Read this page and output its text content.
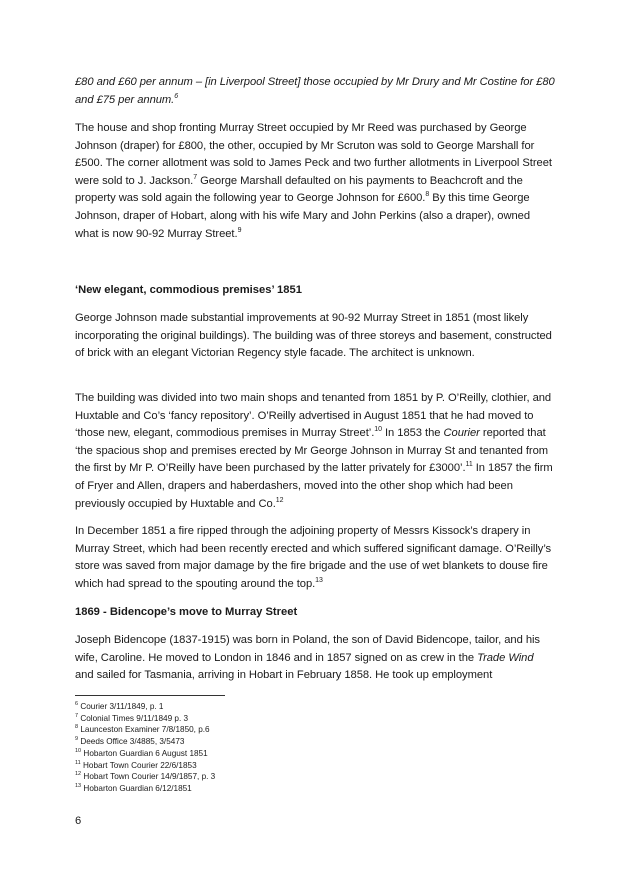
£80 and £60 per annum – [in Liverpool Street] those occupied by Mr Drury and Mr Costine for £80 and £75 per annum.$^6$

The house and shop fronting Murray Street occupied by Mr Reed was purchased by George Johnson (draper) for £800, the other, occupied by Mr Scruton was sold to George Marshall for £500. The corner allotment was sold to James Peck and two further allotments in Liverpool Street were sold to J. Jackson.$^7$ George Marshall defaulted on his payments to Beachcroft and the property was sold again the following year to George Johnson for £600.$^8$ By this time George Johnson, draper of Hobart, along with his wife Mary and John Perkins (also a draper), owned what is now 90-92 Murray Street.$^9$

‘New elegant, commodious premises’ 1851

George Johnson made substantial improvements at 90-92 Murray Street in 1851 (most likely incorporating the original buildings). The building was of three storeys and basement, constructed of brick with an elegant Victorian Regency style facade. The architect is unknown.

The building was divided into two main shops and tenanted from 1851 by P. O’Reilly, clothier, and Huxtable and Co’s ‘fancy repository’. O’Reilly advertised in August 1851 that he had moved to ‘those new, elegant, commodious premises in Murray Street’.$^{10}$ In 1853 the Courier reported that ‘the spacious shop and premises erected by Mr George Johnson in Murray St and tenanted from the first by Mr P. O’Reilly have been purchased by the latter privately for £3000’.$^{11}$ In 1857 the firm of Fryer and Allen, drapers and haberdashers, moved into the other shop which had been previously occupied by Huxtable and Co.$^{12}$

In December 1851 a fire ripped through the adjoining property of Messrs Kissock’s drapery in Murray Street, which had been recently erected and which suffered significant damage. O’Reilly’s store was saved from major damage by the fire brigade and the use of wet blankets to douse fire which had spread to the spouting around the top.$^{13}$

1869 - Bidencope’s move to Murray Street

Joseph Bidencope (1837-1915) was born in Poland, the son of David Bidencope, tailor, and his wife, Caroline. He moved to London in 1846 and in 1857 signed on as crew in the Trade Wind and sailed for Tasmania, arriving in Hobart in February 1858. He took up employment

$^6$ Courier 3/11/1849, p. 1

$^7$ Colonial Times 9/11/1849 p. 3

$^8$ Launceston Examiner 7/8/1850, p.6

$^9$ Deeds Office 3/4885, 3/5473

$^{10}$ Hobarton Guardian 6 August 1851

$^{11}$ Hobart Town Courier 22/6/1853

$^{12}$ Hobart Town Courier 14/9/1857, p. 3

$^{13}$ Hobarton Guardian 6/12/1851

6
